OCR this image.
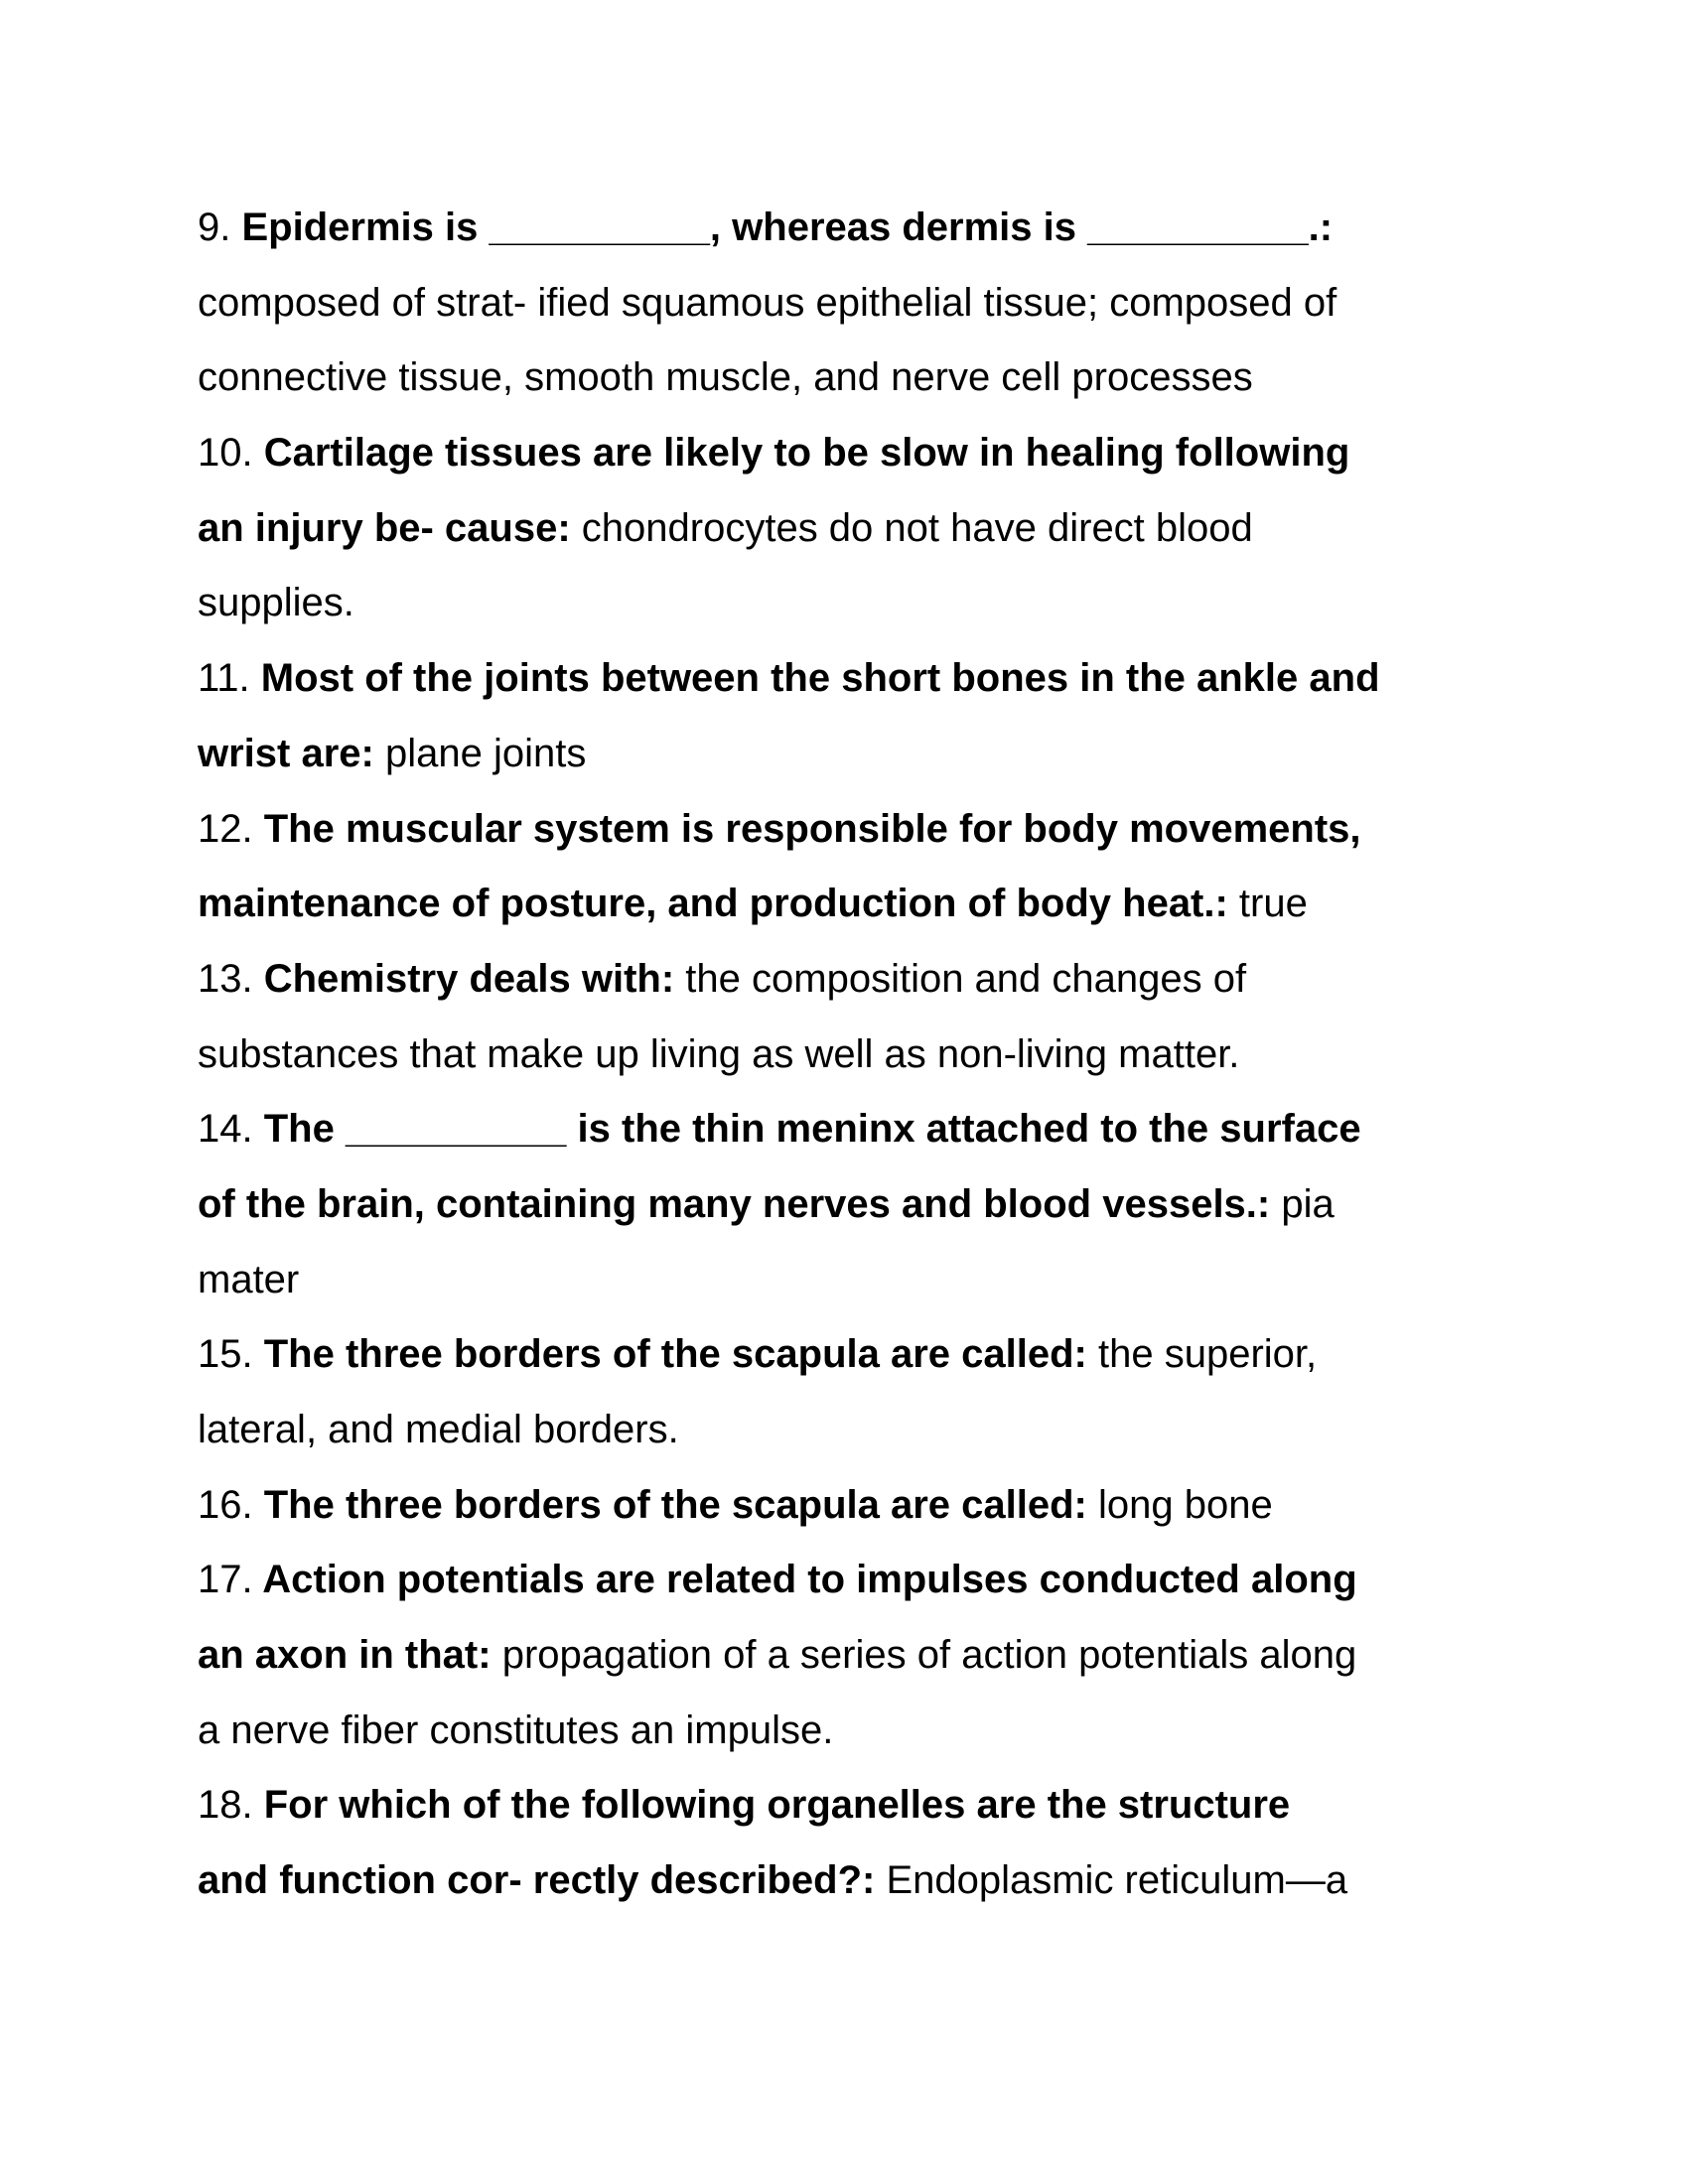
9. Epidermis is __________, whereas dermis is __________.:
composed of strat- ified squamous epithelial tissue; composed of
connective tissue, smooth muscle, and nerve cell processes
10. Cartilage tissues are likely to be slow in healing following
an injury be- cause: chondrocytes do not have direct blood
supplies.
11. Most of the joints between the short bones in the ankle and
wrist are: plane joints
12. The muscular system is responsible for body movements,
maintenance of posture, and production of body heat.: true
13. Chemistry deals with: the composition and changes of
substances that make up living as well as non-living matter.
14. The __________ is the thin meninx attached to the surface
of the brain, containing many nerves and blood vessels.: pia
mater
15. The three borders of the scapula are called: the superior,
lateral, and medial borders.
16. The three borders of the scapula are called: long bone
17. Action potentials are related to impulses conducted along
an axon in that: propagation of a series of action potentials along
a nerve fiber constitutes an impulse.
18. For which of the following organelles are the structure
and function cor- rectly described?: Endoplasmic reticulum—a
